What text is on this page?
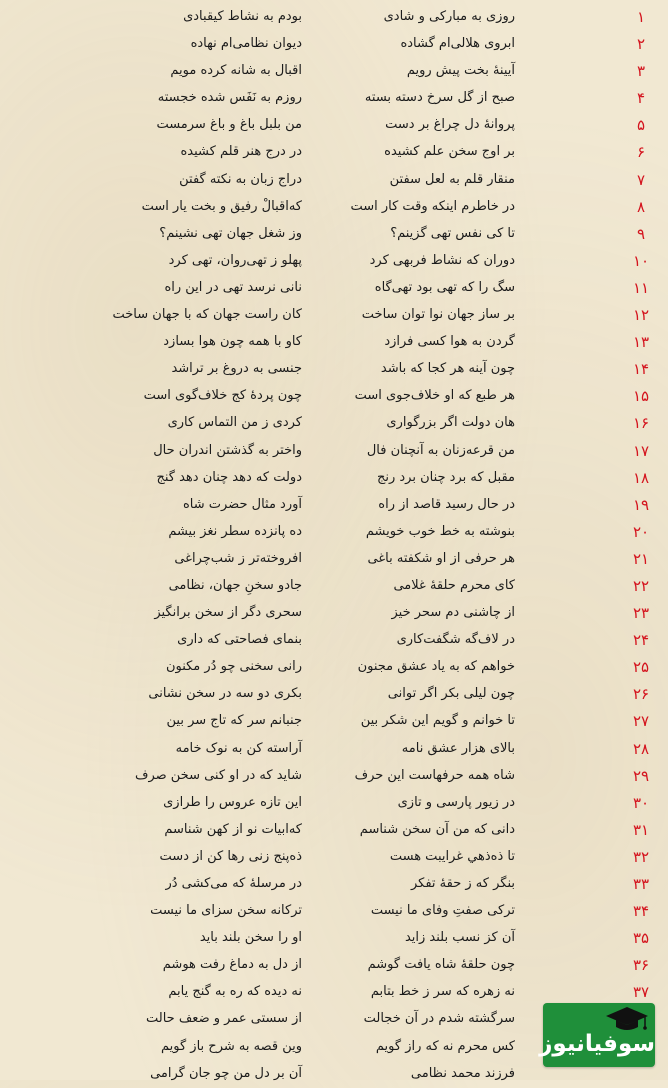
۱
روزی به مبارکی و شادی
بودم به نشاط کیقبادی
۲
ابروی هلالی‌ام گشاده
دیوان نظامی‌ام نهاده
۳
آیینهٔ بخت پیش رویم
اقبال به شانه کرده مویم
۴
صبح از گل سرخ دسته بسته
روزم به نَفَس شده خجسته
۵
پروانهٔ دل چراغ بر دست
من بلبل باغ و باغ سرمست
۶
بر اوج سخن علم کشیده
در درج هنر قلم کشیده
۷
منقار قلم به لعل سفتن
دراج زبان به نکته گفتن
۸
در خاطرم اینکه وقت کار است
که‌اقبالْ رفیق و بخت یار است
۹
تا کی نفس تهی گزینم؟
وز شغل جهان تهی نشینم؟
۱۰
دوران که نشاط فربهی کرد
پهلو ز تهی‌روان، تهی کرد
۱۱
سگ را که تهی بود تهی‌گاه
نانی نرسد تهی در این راه
۱۲
بر ساز جهان نوا توان ساخت
کان راست جهان که با جهان ساخت
۱۳
گردن به هوا کسی فرازد
کاو با همه چون هوا بسازد
۱۴
چون آینه هر کجا که باشد
جنسی به دروغ بر تراشد
۱۵
هر طبع که او خلاف‌جوی است
چون پردهٔ کج خلاف‌گوی است
۱۶
هان دولت اگر بزرگواری
کردی ز من التماس کاری
۱۷
من قرعه‌زنان به آنچنان فال
واختر به گذشتن اندران حال
۱۸
مقبل که برد چنان برد رنج
دولت که دهد چنان دهد گنج
۱۹
در حال رسید قاصد از راه
آورد مثال حضرت شاه
۲۰
بنوشته به خط خوب خویشم
ده پانزده سطر نغز بیشم
۲۱
هر حرفی از او شکفته باغی
افروخته‌تر ز شب‌چراغی
۲۲
کای محرم حلقهٔ غلامی
جادو سخنِ جهان، نظامی
۲۳
از چاشنی دم سحر خیز
سحری دگر از سخن برانگیز
۲۴
در لاف‌گه شگفت‌کاری
بنمای فصاحتی که داری
۲۵
خواهم که به یاد عشق مجنون
رانی سخنی چو دُر مکنون
۲۶
چون لیلی بکر اگر توانی
بکری دو سه در سخن نشانی
۲۷
تا خوانم و گویم این شکر بین
جنبانم سر که تاج سر بین
۲۸
بالای هزار عشق نامه
آراسته کن به نوک خامه
۲۹
شاه همه حرفهاست این حرف
شاید که در او کنی سخن صرف
۳۰
در زیور پارسی و تازی
این تازه عروس را طرازی
۳۱
دانی که من آن سخن شناسم
که‌ابیات نو از کهن شناسم
۳۲
تا ذه‌ذهي غرايبت هست
ذه‌پنج زنی رها کن از دست
۳۳
بنگر که ز حقهٔ تفکر
در مرسلهٔ که می‌کشی دُر
۳۴
ترکی صفتِ وفای ما نیست
ترکانه سخن سزای ما نیست
۳۵
آن کز نسب بلند زاید
او را سخن بلند باید
۳۶
چون حلقهٔ شاه یافت گوشم
از دل به دماغ رفت هوشم
۳۷
نه زهره که سر ز خط بتابم
نه دیده که ره به گنج یابم
سرگشته شدم در آن خجالت
از سستی عمر و ضعف حالت
کس محرم نه که راز گویم
وین قصه به شرح باز گویم
فرزند محمد نظامی
آن بر دل من چو جان گرامی
سوفیانیوز
